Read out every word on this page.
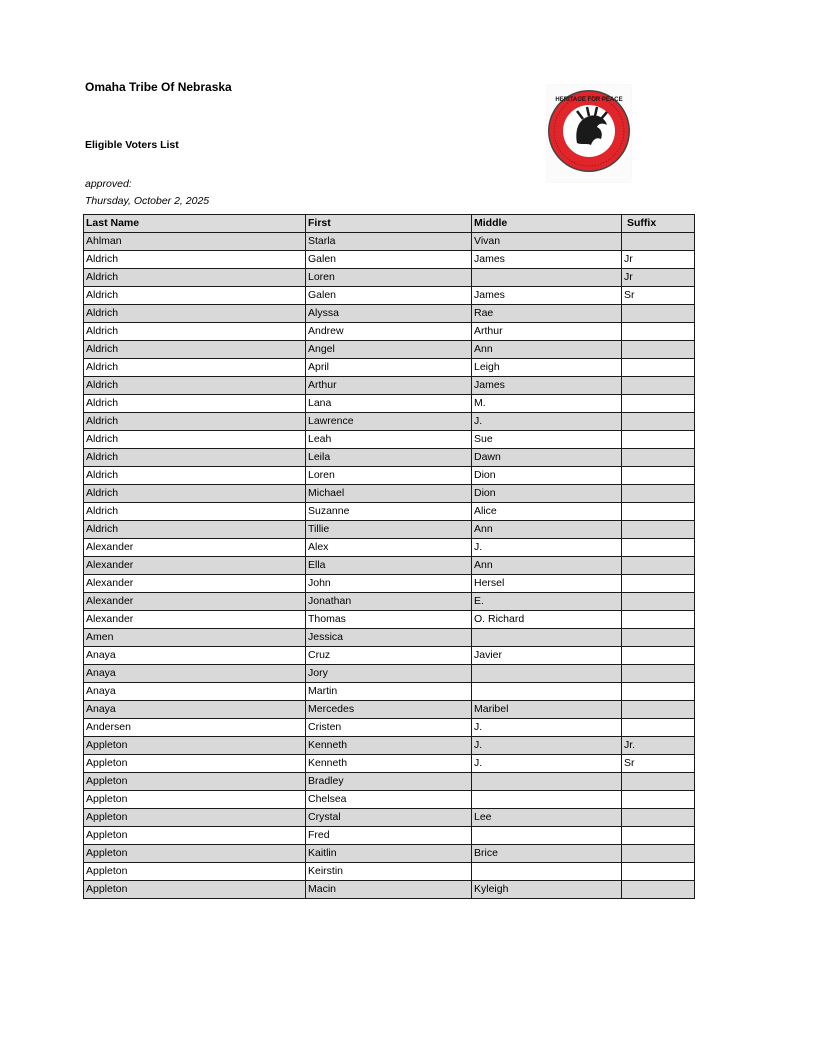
Omaha Tribe Of Nebraska
Eligible Voters List
approved:
Thursday, October 2, 2025
HERITAGE FOR PEACE
Last Name	First	Middle	Suffix
Ahlman	Starla	Vivan	
Aldrich	Galen	James	Jr
Aldrich	Loren		Jr
Aldrich	Galen	James	Sr
Aldrich	Alyssa	Rae	
Aldrich	Andrew	Arthur	
Aldrich	Angel	Ann	
Aldrich	April	Leigh	
Aldrich	Arthur	James	
Aldrich	Lana	M.	
Aldrich	Lawrence	J.	
Aldrich	Leah	Sue	
Aldrich	Leila	Dawn	
Aldrich	Loren	Dion	
Aldrich	Michael	Dion	
Aldrich	Suzanne	Alice	
Aldrich	Tillie	Ann	
Alexander	Alex	J.	
Alexander	Ella	Ann	
Alexander	John	Hersel	
Alexander	Jonathan	E.	
Alexander	Thomas	O. Richard	
Amen	Jessica		
Anaya	Cruz	Javier	
Anaya	Jory		
Anaya	Martin		
Anaya	Mercedes	Maribel	
Andersen	Cristen	J.	
Appleton	Kenneth	J.	Jr.
Appleton	Kenneth	J.	Sr
Appleton	Bradley		
Appleton	Chelsea		
Appleton	Crystal	Lee	
Appleton	Fred		
Appleton	Kaitlin	Brice	
Appleton	Keirstin		
Appleton	Macin	Kyleigh	
